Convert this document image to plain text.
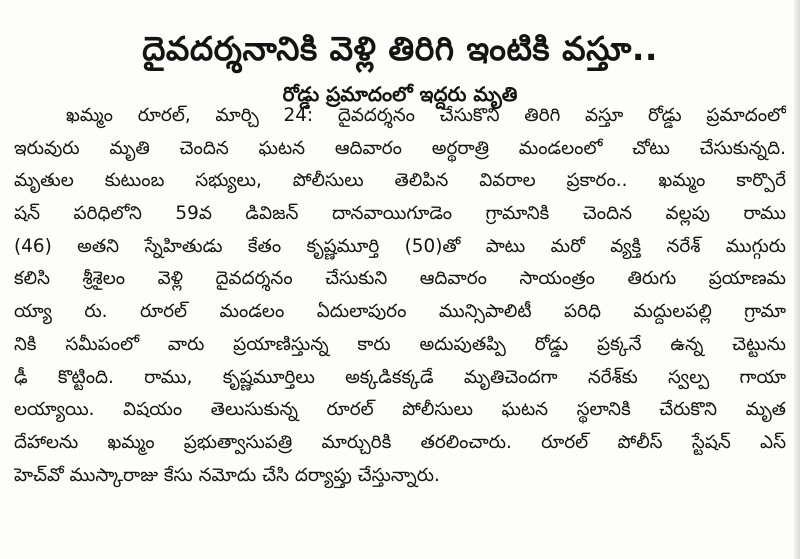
దైవదర్శనానికి వెళ్లి తిరిగి ఇంటికి వస్తూ..
రోడ్డు ప్రమాదంలో ఇద్దరు మృతి
ఖమ్మం రూరల్, మార్చి 24: దైవదర్శనం చేసుకొని తిరిగి వస్తూ రోడ్డు ప్రమాదంలో
ఇరువురు మృతి చెందిన ఘటన ఆదివారం అర్థరాత్రి మండలంలో చోటు చేసుకున్నది.
మృతుల కుటుంబ సభ్యులు, పోలీసులు తెలిపిన వివరాల ప్రకారం.. ఖమ్మం కార్పొరే
షన్ పరిధిలోని 59వ డివిజన్ దానవాయిగూడెం గ్రామానికి చెందిన వల్లపు రాము
(46) అతని స్నేహితుడు కేతం కృష్ణమూర్తి (50)తో పాటు మరో వ్యక్తి నరేశ్ ముగ్గురు
కలిసి శ్రీశైలం వెళ్లి దైవదర్శనం చేసుకుని ఆదివారం సాయంత్రం తిరుగు ప్రయాణమ
య్యా రు. రూరల్ మండలం ఏదులాపురం మున్సిపాలిటీ పరిధి మద్దులపల్లి గ్రామా
నికి సమీపంలో వారు ప్రయాణిస్తున్న కారు అదుపుతప్పి రోడ్డు ప్రక్కనే ఉన్న చెట్టును
ఢీ కొట్టింది. రాము, కృష్ణమూర్తిలు అక్కడికక్కడే మృతిచెందగా నరేశ్‌కు స్వల్ప గాయా
లయ్యాయి. విషయం తెలుసుకున్న రూరల్ పోలీసులు ఘటన స్థలానికి చేరుకొని మృత
దేహాలను ఖమ్మం ప్రభుత్వాసుపత్రి మార్చురికి తరలించారు. రూరల్ పోలీస్ స్టేషన్ ఎస్
హెచ్‌వో ముస్కారాజు కేసు నమోదు చేసి దర్యాప్తు చేస్తున్నారు.
